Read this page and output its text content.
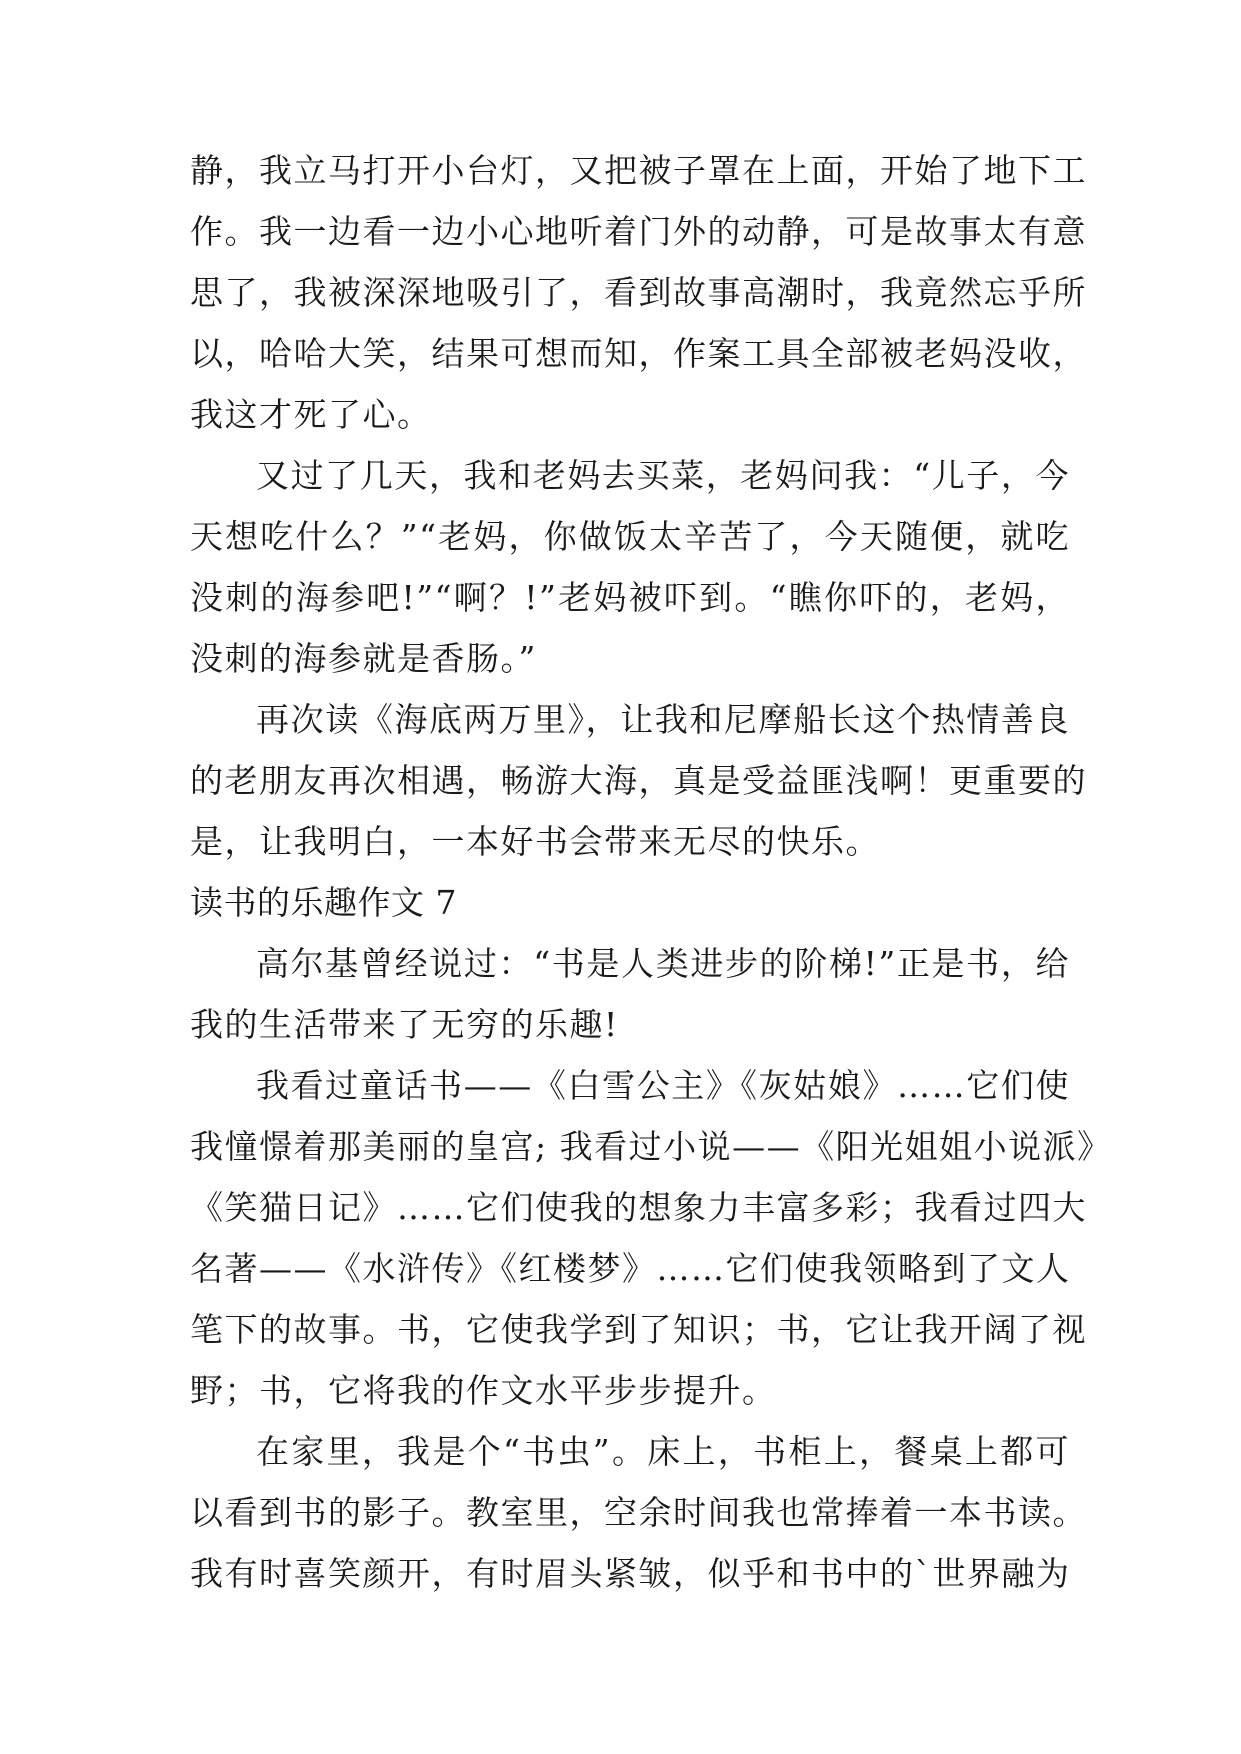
静，我立马打开小台灯，又把被子罩在上面，开始了地下工
作。我一边看一边小心地听着门外的动静，可是故事太有意
思了，我被深深地吸引了，看到故事高潮时，我竟然忘乎所
以，哈哈大笑，结果可想而知，作案工具全部被老妈没收，
我这才死了心。
又过了几天，我和老妈去买菜，老妈问我：“儿子，今
天想吃什么？”“老妈，你做饭太辛苦了，今天随便，就吃
没刺的海参吧!”“啊？!”老妈被吓到。“瞧你吓的，老妈，
没刺的海参就是香肠。”
再次读《海底两万里》，让我和尼摩船长这个热情善良
的老朋友再次相遇，畅游大海，真是受益匪浅啊！更重要的
是，让我明白，一本好书会带来无尽的快乐。
读书的乐趣作文 7
高尔基曾经说过：“书是人类进步的阶梯!”正是书，给
我的生活带来了无穷的乐趣!
我看过童话书——《白雪公主》《灰姑娘》……它们使
我憧憬着那美丽的皇宫; 我看过小说——《阳光姐姐小说派》
《笑猫日记》……它们使我的想象力丰富多彩；我看过四大
名著——《水浒传》《红楼梦》……它们使我领略到了文人
笔下的故事。书，它使我学到了知识；书，它让我开阔了视
野；书，它将我的作文水平步步提升。
在家里，我是个“书虫”。床上，书柜上，餐桌上都可
以看到书的影子。教室里，空余时间我也常捧着一本书读。
我有时喜笑颜开，有时眉头紧皱，似乎和书中的`世界融为
